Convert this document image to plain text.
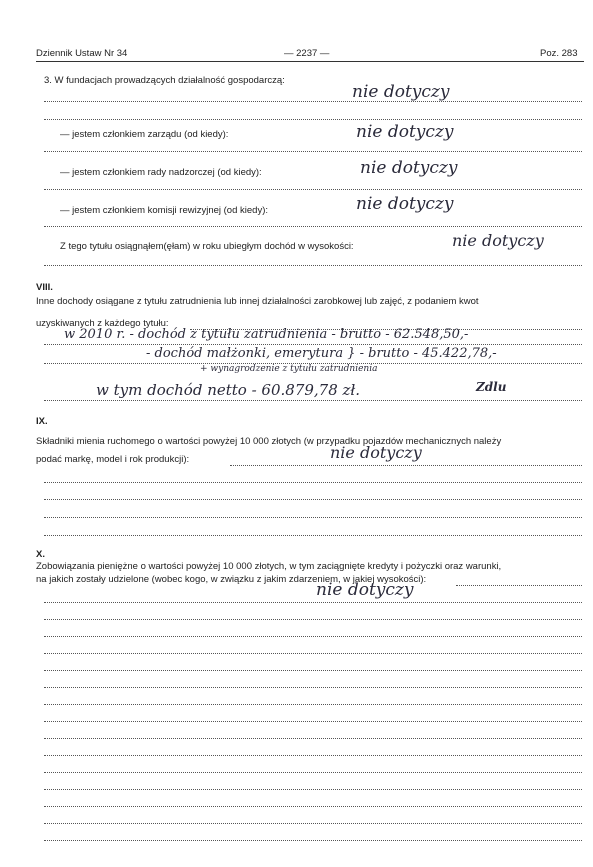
Dziennik Ustaw Nr 34	— 2237 —	Poz. 283
3. W fundacjach prowadzących działalność gospodarczą:
nie dotyczy
— jestem członkiem zarządu (od kiedy):	nie dotyczy
— jestem członkiem rady nadzorczej (od kiedy):	nie dotyczy
— jestem członkiem komisji rewizyjnej (od kiedy):	nie dotyczy
Z tego tytułu osiągnąłem(ęłam) w roku ubiegłym dochód w wysokości:	nie dotyczy
VIII.
Inne dochody osiągane z tytułu zatrudnienia lub innej działalności zarobkowej lub zajęć, z podaniem kwot
uzyskiwanych z każdego tytułu:
w 2010 r. - dochód z tytułu zatrudnienia - brutto - 62.548,50,-
- dochód małżonki, emerytura } - brutto - 45.422,78,-
+ wynagrodzenie z tytułu zatrudnienia
w tym dochód netto - 60.879,78 zł.	Zdlu
IX.
Składniki mienia ruchomego o wartości powyżej 10 000 złotych (w przypadku pojazdów mechanicznych należy
podać markę, model i rok produkcji):	nie dotyczy
X.
Zobowiązania pieniężne o wartości powyżej 10 000 złotych, w tym zaciągnięte kredyty i pożyczki oraz warunki,
na jakich zostały udzielone (wobec kogo, w związku z jakim zdarzeniem, w jakiej wysokości):
nie dotyczy
